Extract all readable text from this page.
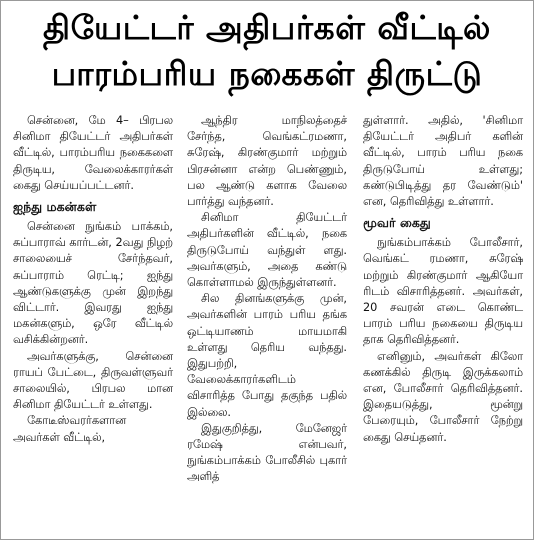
தியேட்டர் அதிபர்கள் வீட்டில்
பாரம்பரிய நகைகள் திருட்டு

சென்னை, மே 4– பிரபல சினிமா தியேட்டர் அதிபர்கள் வீட்டில், பாரம்பரிய நகைகளை திருடிய, வேலைக்காரர்கள் கைது செய்யப்பட்டனர்.

ஐந்து மகன்கள்

சென்னை நுங்கம் பாக்கம், சுப்பாராவ் கார்டன், 2வது நிழற் சாலையைச் சேர்ந்தவர், சுப்பாராம் ரெட்டி; ஐந்து ஆண்டுகளுக்கு முன் இறந்து விட்டார். இவரது ஐந்து மகன்களும், ஒரே வீட்டில் வசிக்கின்றனர்.

அவர்களுக்கு, சென்னை ராயப் பேட்டை, திருவள்ளுவர் சாலையில், பிரபல மான சினிமா தியேட்டர் உள்ளது.

கோடீஸ்வரர்களான அவர்கள் வீட்டில்,

ஆந்திர மாநிலத்தைச் சேர்ந்த, வெங்கட்ரமணா, சுரேஷ், கிரண்குமார் மற்றும் பிரசன்னா என்ற பெண்ணும், பல ஆண்டு களாக வேலை பார்த்து வந்தனர்.

சினிமா தியேட்டர் அதிபர்களின் வீட்டில், நகை திருடுபோய் வந்துள் ளது. அவர்களும், அதை கண்டு கொள்ளாமல் இருந்துள்ளனர்.

சில தினங்களுக்கு முன், அவர்களின் பாரம் பரிய தங்க ஒட்டியாணம் மாயமாகி உள்ளது தெரிய வந்தது. இதுபற்றி, வேலைக்காரர்களிடம் விசாரித்த போது தகுந்த பதில் இல்லை.

இதுகுறித்து, மேனேஜர் ரமேஷ் என்பவர், நுங்கம்பாக்கம் போலீசில் புகார் அளித்

துள்ளார். அதில், 'சினிமா தியேட்டர் அதிபர் களின் வீட்டில், பாரம் பரிய நகை திருடுபோய் உள்ளது; கண்டுபிடித்து தர வேண்டும்' என, தெரிவித்து உள்ளார்.

மூவர் கைது

நுங்கம்பாக்கம் போலீசார், வெங்கட் ரமணா, சுரேஷ் மற்றும் கிரண்குமார் ஆகியோ ரிடம் விசாரித்தனர். அவர்கள், 20 சவரன் எடை கொண்ட பாரம் பரிய நகையை திருடிய தாக தெரிவித்தனர்.

எனினும், அவர்கள் கிலோ கணக்கில் திருடி இருக்கலாம் என, போலீசார் தெரிவித்தனர். இதையடுத்து, மூன்று பேரையும், போலீசார் நேற்று கைது செய்தனர்.
